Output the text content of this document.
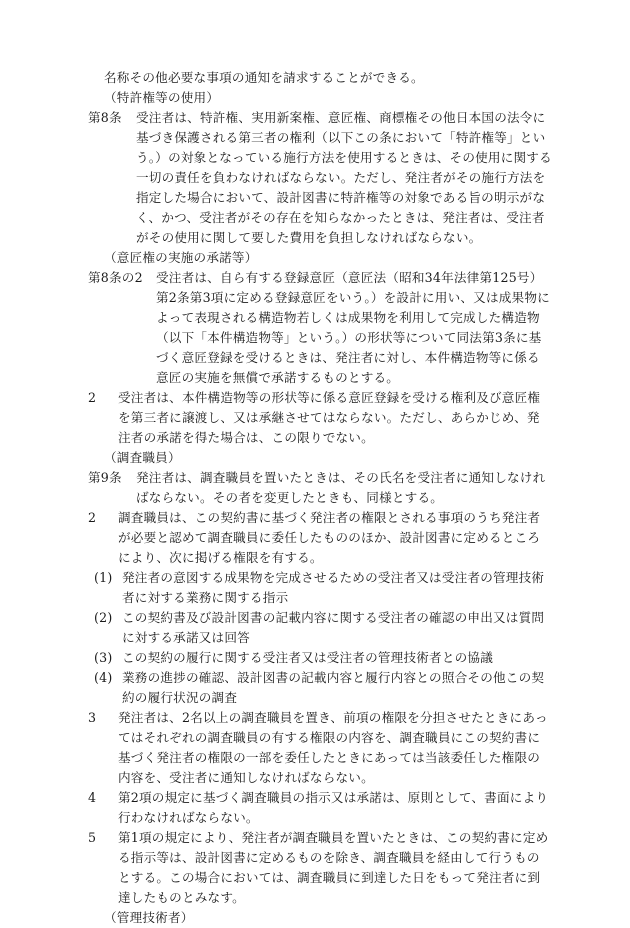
名称その他必要な事項の通知を請求することができる。
（特許権等の使用）
第8条	受注者は、特許権、実用新案権、意匠権、商標権その他日本国の法令に基づき保護される第三者の権利（以下この条において「特許権等」という。）の対象となっている施行方法を使用するときは、その使用に関する一切の責任を負わなければならない。ただし、発注者がその施行方法を指定した場合において、設計図書に特許権等の対象である旨の明示がなく、かつ、受注者がその存在を知らなかったときは、発注者は、受注者がその使用に関して要した費用を負担しなければならない。
（意匠権の実施の承諾等）
第8条の2	受注者は、自ら有する登録意匠（意匠法（昭和34年法律第125号）第2条第3項に定める登録意匠をいう。）を設計に用い、又は成果物によって表現される構造物若しくは成果物を利用して完成した構造物（以下「本件構造物等」という。）の形状等について同法第3条に基づく意匠登録を受けるときは、発注者に対し、本件構造物等に係る意匠の実施を無償で承諾するものとする。
2	受注者は、本件構造物等の形状等に係る意匠登録を受ける権利及び意匠権を第三者に譲渡し、又は承継させてはならない。ただし、あらかじめ、発注者の承諾を得た場合は、この限りでない。
（調査職員）
第9条	発注者は、調査職員を置いたときは、その氏名を受注者に通知しなければならない。その者を変更したときも、同様とする。
2	調査職員は、この契約書に基づく発注者の権限とされる事項のうち発注者が必要と認めて調査職員に委任したもののほか、設計図書に定めるところにより、次に掲げる権限を有する。
(1) 発注者の意図する成果物を完成させるための受注者又は受注者の管理技術者に対する業務に関する指示
(2) この契約書及び設計図書の記載内容に関する受注者の確認の申出又は質問に対する承諾又は回答
(3) この契約の履行に関する受注者又は受注者の管理技術者との協議
(4) 業務の進捗の確認、設計図書の記載内容と履行内容との照合その他この契約の履行状況の調査
3	発注者は、2名以上の調査職員を置き、前項の権限を分担させたときにあってはそれぞれの調査職員の有する権限の内容を、調査職員にこの契約書に基づく発注者の権限の一部を委任したときにあっては当該委任した権限の内容を、受注者に通知しなければならない。
4	第2項の規定に基づく調査職員の指示又は承諾は、原則として、書面により行わなければならない。
5	第1項の規定により、発注者が調査職員を置いたときは、この契約書に定める指示等は、設計図書に定めるものを除き、調査職員を経由して行うものとする。この場合においては、調査職員に到達した日をもって発注者に到達したものとみなす。
（管理技術者）
